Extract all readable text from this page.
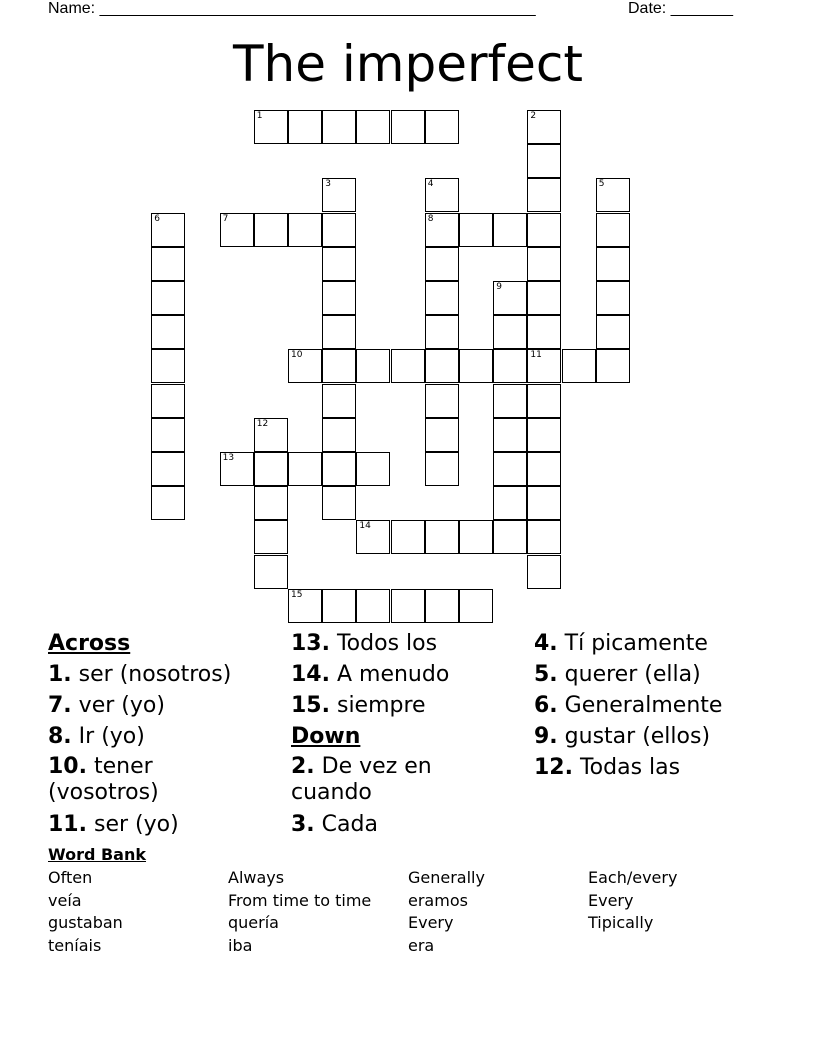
Name: _________________________________________________	Date: _______
The imperfect
1	2
11
3	4
8
5
6	7
9
10
12
13
14
15
Across
1. ser (nosotros)
7. ver (yo)
8. Ir (yo)
10. tener (vosotros)
11. ser (yo)
13. Todos los
14. A menudo
15. siempre
Down
2. De vez en cuando
3. Cada
4. Tí picamente
5. querer (ella)
6. Generalmente
9. gustar (ellos)
12. Todas las
Word Bank
Often	Always	Generally	Each/every
veía	From time to time	eramos	Every
gustaban	quería	Every	Tipically
teníais	iba	era
